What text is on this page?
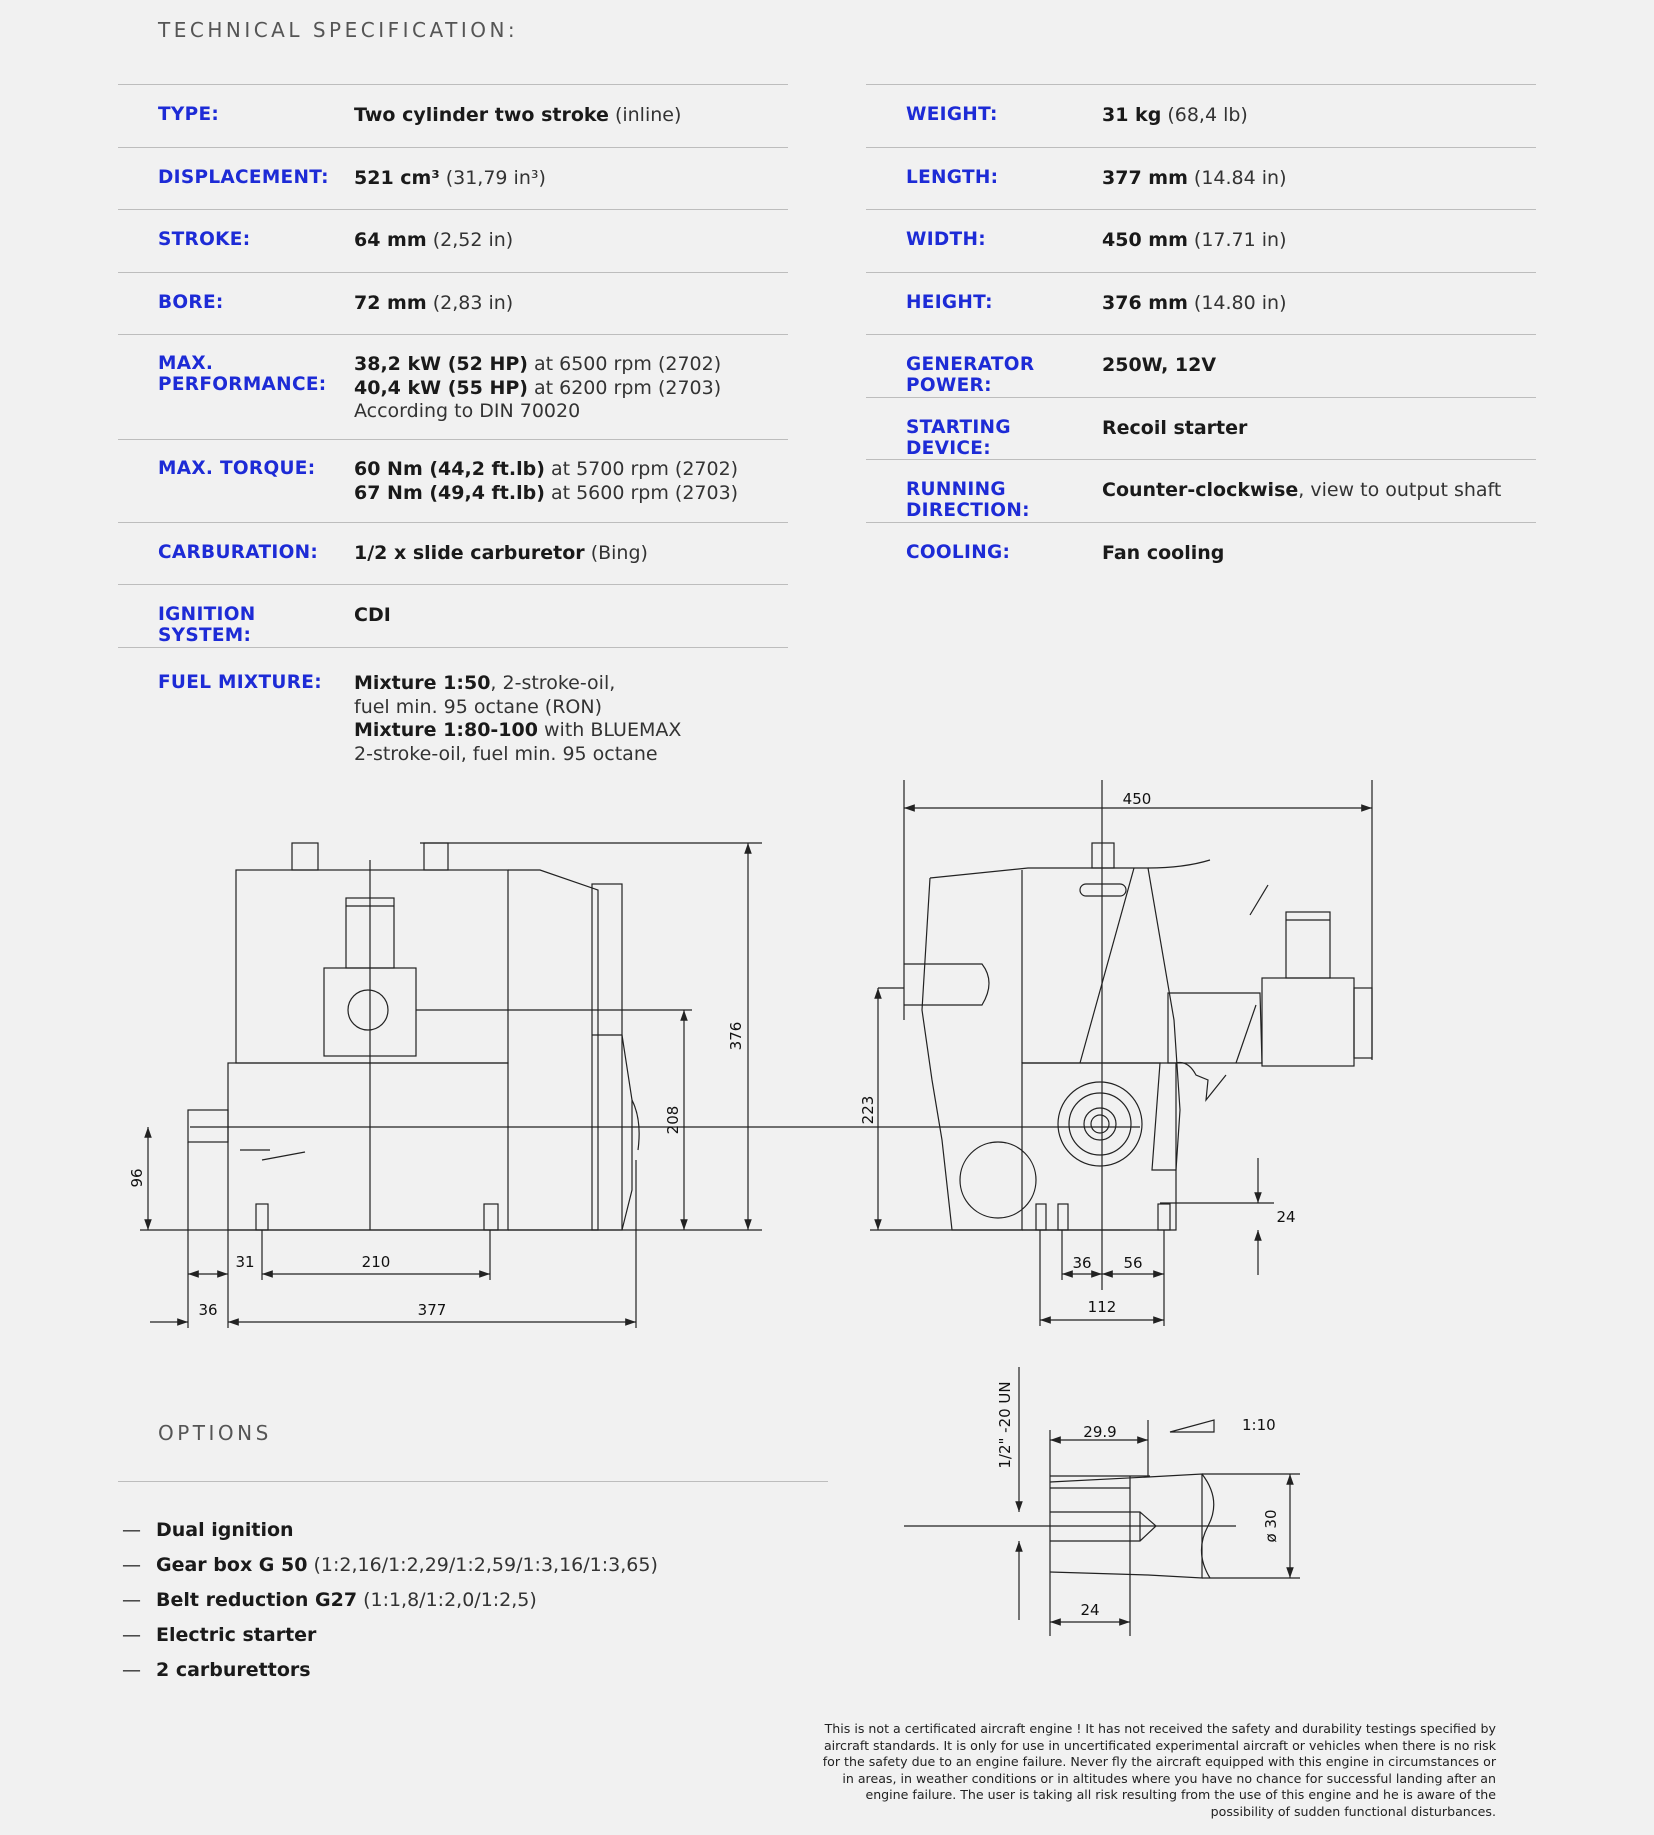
TECHNICAL SPECIFICATION:
TYPE:	Two cylinder two stroke (inline)
DISPLACEMENT:	521 cm³ (31,79 in³)
STROKE:	64 mm (2,52 in)
BORE:	72 mm (2,83 in)
MAX. PERFORMANCE:
38,2 kW (52 HP) at 6500 rpm (2702)
40,4 kW (55 HP) at 6200 rpm (2703)
According to DIN 70020
MAX. TORQUE:	60 Nm (44,2 ft.lb) at 5700 rpm (2702)
67 Nm (49,4 ft.lb) at 5600 rpm (2703)
CARBURATION:	1/2 x slide carburetor (Bing)
IGNITION SYSTEM:
CDI
FUEL MIXTURE:	Mixture 1:50, 2-stroke-oil,
fuel min. 95 octane (RON)
Mixture 1:80-100 with BLUEMAX
2-stroke-oil, fuel min. 95 octane
WEIGHT:	31 kg (68,4 lb)
LENGTH:	377 mm (14.84 in)
WIDTH:	450 mm (17.71 in)
HEIGHT:	376 mm (14.80 in)
GENERATOR POWER:
250W, 12V
STARTING DEVICE:
Recoil starter
RUNNING DIRECTION:
Counter-clockwise, view to output shaft
COOLING:	Fan cooling
376
208
96
31	210
36	377
450
223
24
36 56
112
1/2" -20 UN	29.9	1:10
ø 30
24
OPTIONS
— Dual ignition
— Gear box G 50 (1:2,16/1:2,29/1:2,59/1:3,16/1:3,65)
— Belt reduction G27 (1:1,8/1:2,0/1:2,5)
— Electric starter
— 2 carburettors
This is not a certificated aircraft engine ! It has not received the safety and durability testings specified by
aircraft standards. It is only for use in uncertificated experimental aircraft or vehicles when there is no risk
for the safety due to an engine failure. Never fly the aircraft equipped with this engine in circumstances or
in areas, in weather conditions or in altitudes where you have no chance for successful landing after an
engine failure. The user is taking all risk resulting from the use of this engine and he is aware of the
possibility of sudden functional disturbances.
